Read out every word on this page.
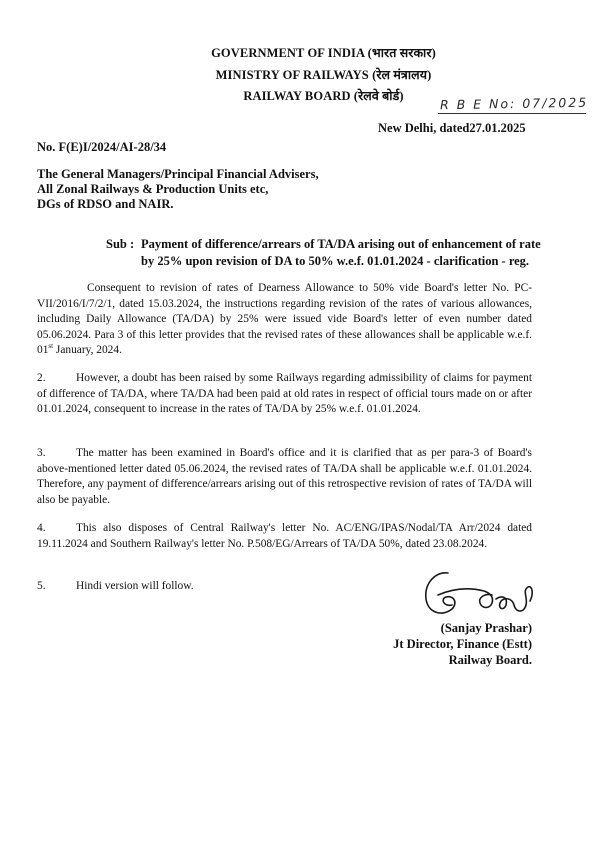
GOVERNMENT OF INDIA (भारत सरकार)
MINISTRY OF RAILWAYS (रेल मंत्रालय)
RAILWAY BOARD (रेलवे बोर्ड)	R B E No: 07/2025
New Delhi, dated27.01.2025
No. F(E)I/2024/AI-28/34
The General Managers/Principal Financial Advisers,
All Zonal Railways & Production Units etc,
DGs of RDSO and NAIR.
Sub : Payment of difference/arrears of TA/DA arising out of enhancement of rate by 25% upon revision of DA to 50% w.e.f. 01.01.2024 - clarification - reg.
Consequent to revision of rates of Dearness Allowance to 50% vide Board's letter No. PC-VII/2016/I/7/2/1, dated 15.03.2024, the instructions regarding revision of the rates of various allowances, including Daily Allowance (TA/DA) by 25% were issued vide Board's letter of even number dated 05.06.2024. Para 3 of this letter provides that the revised rates of these allowances shall be applicable w.e.f. 01st January, 2024.
2.	However, a doubt has been raised by some Railways regarding admissibility of claims for payment of difference of TA/DA, where TA/DA had been paid at old rates in respect of official tours made on or after 01.01.2024, consequent to increase in the rates of TA/DA by 25% w.e.f. 01.01.2024.
3.	The matter has been examined in Board's office and it is clarified that as per para-3 of Board's above-mentioned letter dated 05.06.2024, the revised rates of TA/DA shall be applicable w.e.f. 01.01.2024. Therefore, any payment of difference/arrears arising out of this retrospective revision of rates of TA/DA will also be payable.
4.	This also disposes of Central Railway's letter No. AC/ENG/IPAS/Nodal/TA Arr/2024 dated 19.11.2024 and Southern Railway's letter No. P.508/EG/Arrears of TA/DA 50%, dated 23.08.2024.
5.	Hindi version will follow.
(Sanjay Prashar)
Jt Director, Finance (Estt)
Railway Board.
